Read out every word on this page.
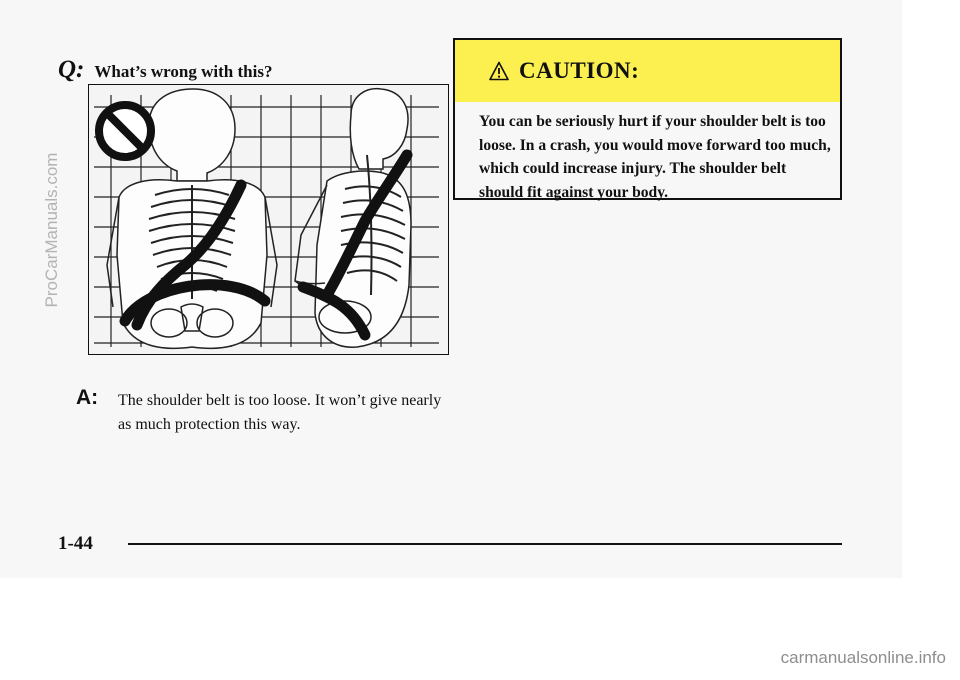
Q: What’s wrong with this?
A: The shoulder belt is too loose. It won’t give nearly as much protection this way.
CAUTION:
You can be seriously hurt if your shoulder belt is too loose. In a crash, you would move forward too much, which could increase injury. The shoulder belt should fit against your body.
1-44
ProCarManuals.com
carmanualsonline.info
